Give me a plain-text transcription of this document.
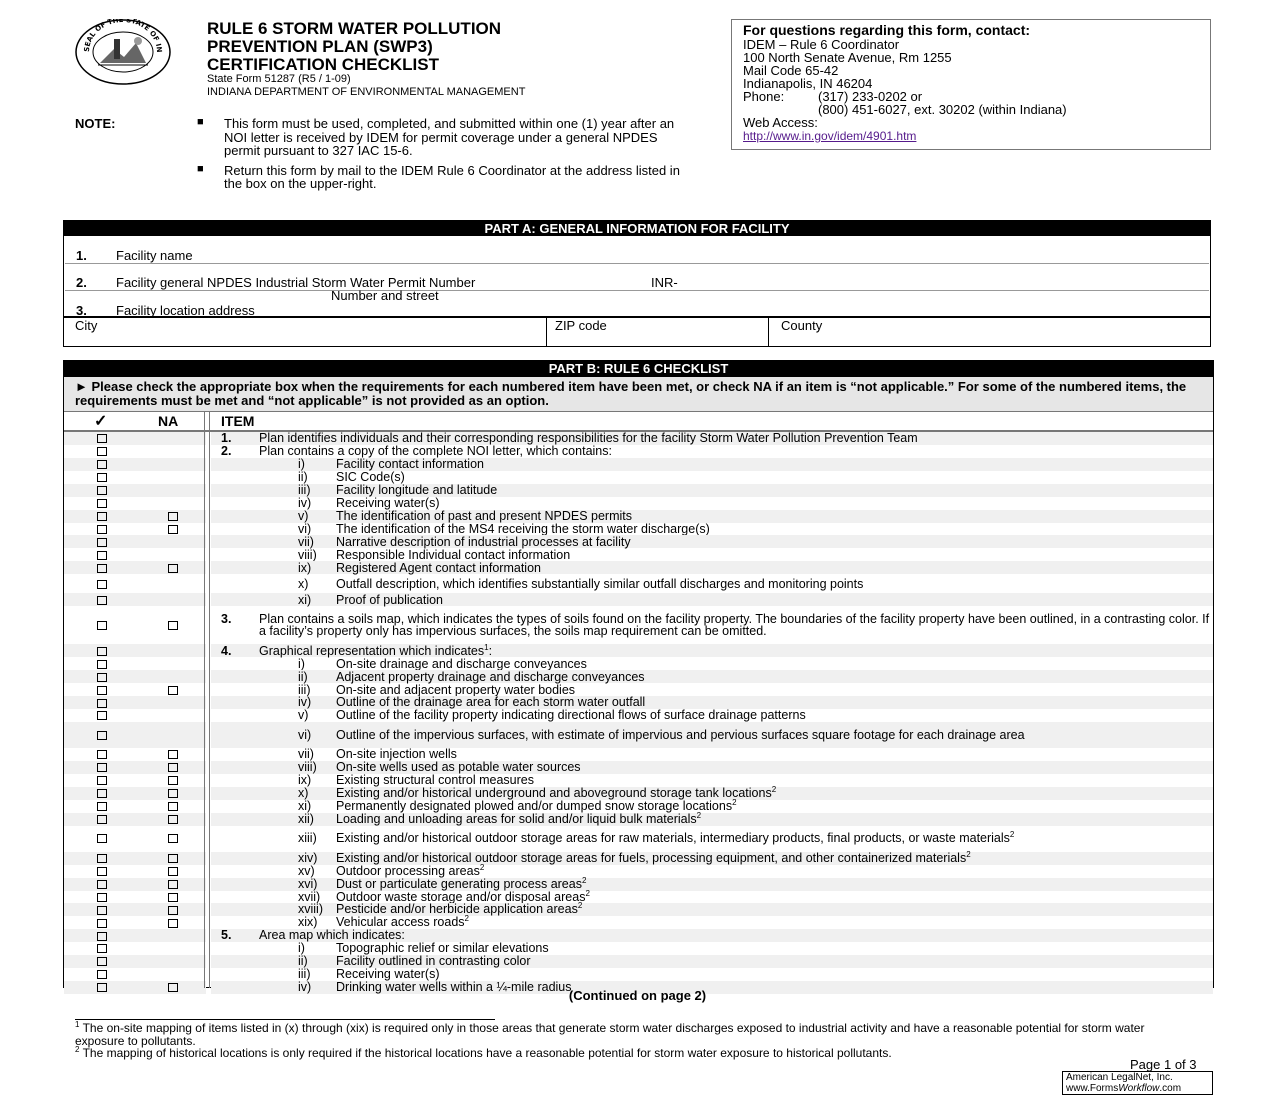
SEAL OF THE STATE OF IN
RULE 6 STORM WATER POLLUTION
PREVENTION PLAN (SWP3)
CERTIFICATION CHECKLIST
State Form 51287 (R5 / 1-09)
INDIANA DEPARTMENT OF ENVIRONMENTAL MANAGEMENT
NOTE:	■ This form must be used, completed, and submitted within one (1) year after an NOI letter is received by IDEM for permit coverage under a general NPDES permit pursuant to 327 IAC 15-6.
■ Return this form by mail to the IDEM Rule 6 Coordinator at the address listed in the box on the upper-right.
For questions regarding this form, contact:
IDEM – Rule 6 Coordinator
100 North Senate Avenue, Rm 1255
Mail Code 65-42
Indianapolis, IN 46204
Phone:	(317) 233-0202 or
(800) 451-6027, ext. 30202 (within Indiana)
Web Access:
http://www.in.gov/idem/4901.htm
PART A: GENERAL INFORMATION FOR FACILITY
1. Facility name
2. Facility general NPDES Industrial Storm Water Permit Number	INR-
3. Facility location address
Number and street
City	ZIP code	County
PART B: RULE 6 CHECKLIST
► Please check the appropriate box when the requirements for each numbered item have been met, or check NA if an item is “not applicable.” For some of the numbered items, the requirements must be met and “not applicable” is not provided as an option.
✓	NA	ITEM

			1. Plan identifies individuals and their corresponding responsibilities for the facility Storm Water Pollution Prevention Team

			2. Plan contains a copy of the complete NOI letter, which contains:

			i) Facility contact information

			ii) SIC Code(s)

			iii) Facility longitude and latitude

			iv) Receiving water(s)

			v) The identification of past and present NPDES permits

			vi) The identification of the MS4 receiving the storm water discharge(s)

			vii) Narrative description of industrial processes at facility

			viii) Responsible Individual contact information

			ix) Registered Agent contact information

			x) Outfall description, which identifies substantially similar outfall discharges and monitoring points

			xi) Proof of publication

			3. Plan contains a soils map, which indicates the types of soils found on the facility property. The boundaries of the facility property have been outlined, in a contrasting color. If a facility’s property only has impervious surfaces, the soils map requirement can be omitted.

			4. Graphical representation which indicates$^1$:

			i) On-site drainage and discharge conveyances

			ii) Adjacent property drainage and discharge conveyances

			iii) On-site and adjacent property water bodies

			iv) Outline of the drainage area for each storm water outfall

			v) Outline of the facility property indicating directional flows of surface drainage patterns

			vi) Outline of the impervious surfaces, with estimate of impervious and pervious surfaces square footage for each drainage area

			vii) On-site injection wells

			viii) On-site wells used as potable water sources

			ix) Existing structural control measures

			x) Existing and/or historical underground and aboveground storage tank locations$^2$

			xi) Permanently designated plowed and/or dumped snow storage locations$^2$

			xii) Loading and unloading areas for solid and/or liquid bulk materials$^2$

			xiii) Existing and/or historical outdoor storage areas for raw materials, intermediary products, final products, or waste materials$^2$

			xiv) Existing and/or historical outdoor storage areas for fuels, processing equipment, and other containerized materials$^2$

			xv) Outdoor processing areas$^2$

			xvi) Dust or particulate generating process areas$^2$

			xvii) Outdoor waste storage and/or disposal areas$^2$

			xviii) Pesticide and/or herbicide application areas$^2$

			xix) Vehicular access roads$^2$

			5. Area map which indicates:

			i) Topographic relief or similar elevations

			ii) Facility outlined in contrasting color

			iii) Receiving water(s)

			iv) Drinking water wells within a ¼-mile radius
(Continued on page 2)
$^1$ The on-site mapping of items listed in (x) through (xix) is required only in those areas that generate storm water discharges exposed to industrial activity and have a reasonable potential for storm water exposure to pollutants.
$^2$ The mapping of historical locations is only required if the historical locations have a reasonable potential for storm water exposure to historical pollutants.
Page 1 of 3
American LegalNet, Inc.
www.FormsWorkflow.com
